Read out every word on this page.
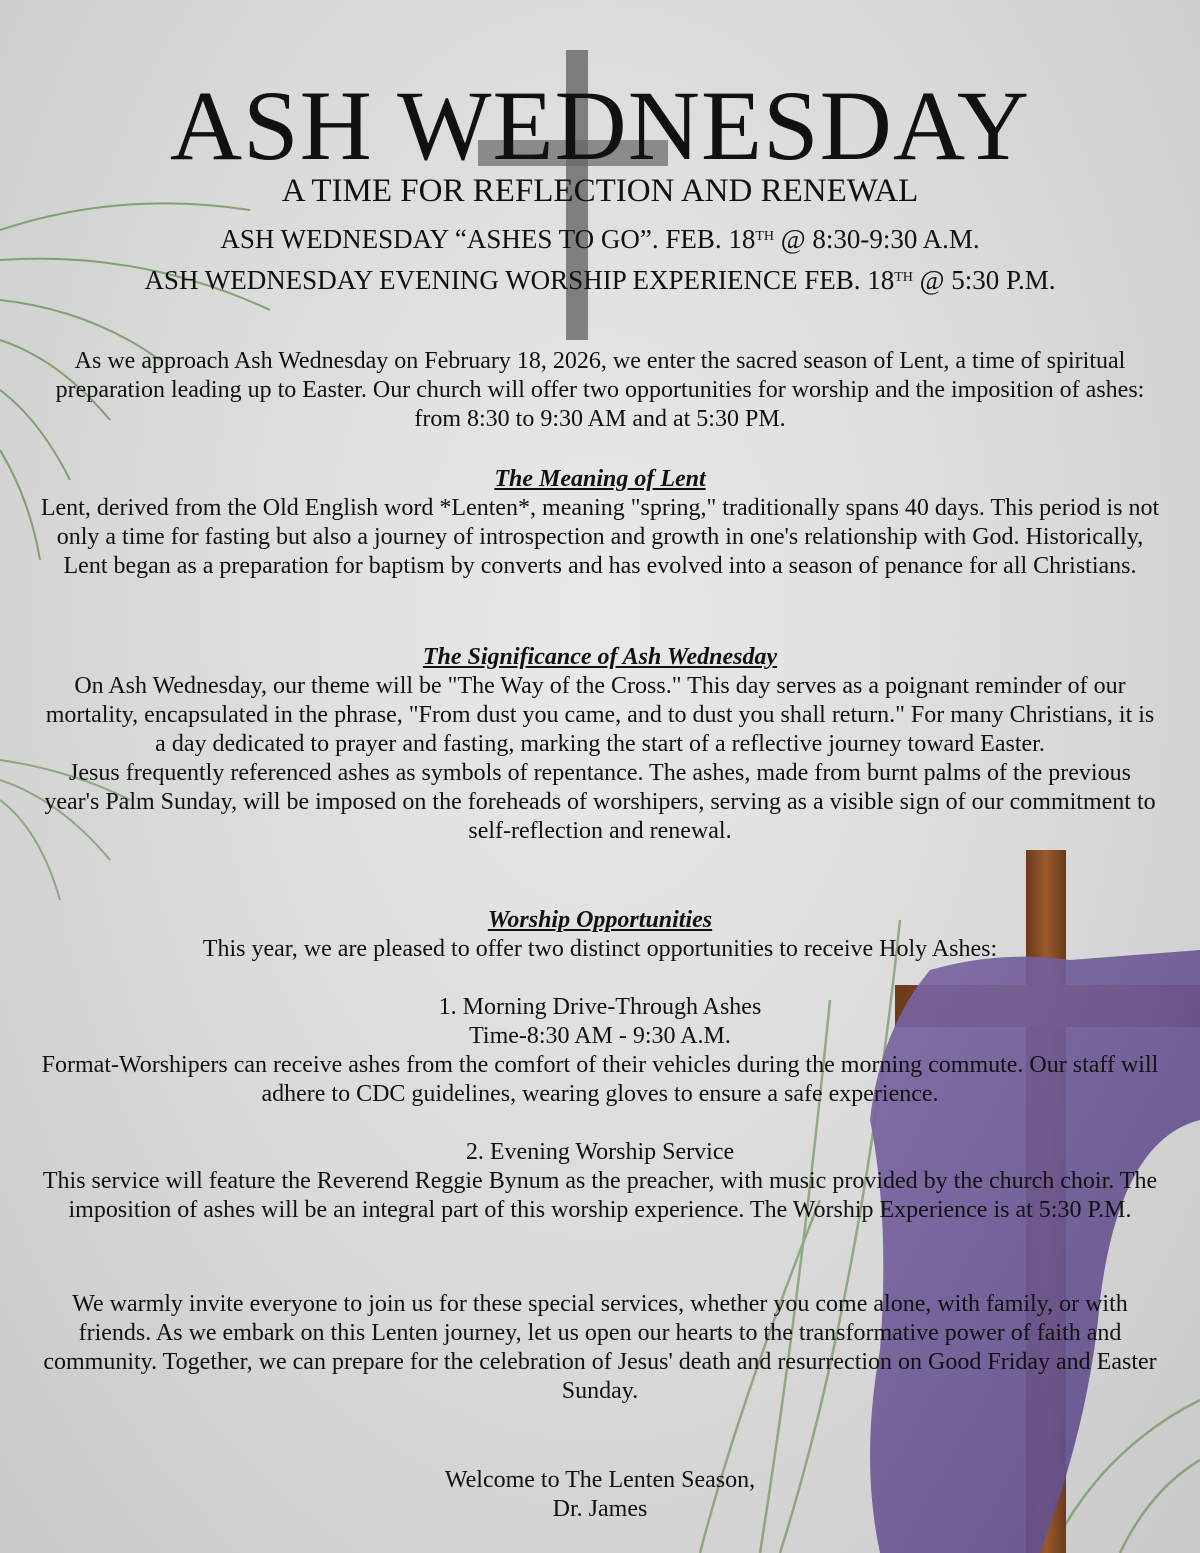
ASH WEDNESDAY
A TIME FOR REFLECTION AND RENEWAL
ASH WEDNESDAY “ASHES TO GO”. FEB. 18TH @ 8:30-9:30 A.M.
ASH WEDNESDAY EVENING WORSHIP EXPERIENCE FEB. 18TH @ 5:30 P.M.
As we approach Ash Wednesday on February 18, 2026, we enter the sacred season of Lent, a time of spiritual preparation leading up to Easter. Our church will offer two opportunities for worship and the imposition of ashes: from 8:30 to 9:30 AM and at 5:30 PM.
The Meaning of Lent
Lent, derived from the Old English word *Lenten*, meaning "spring," traditionally spans 40 days. This period is not only a time for fasting but also a journey of introspection and growth in one's relationship with God. Historically, Lent began as a preparation for baptism by converts and has evolved into a season of penance for all Christians.
The Significance of Ash Wednesday
On Ash Wednesday, our theme will be "The Way of the Cross." This day serves as a poignant reminder of our mortality, encapsulated in the phrase, "From dust you came, and to dust you shall return." For many Christians, it is a day dedicated to prayer and fasting, marking the start of a reflective journey toward Easter.
Jesus frequently referenced ashes as symbols of repentance. The ashes, made from burnt palms of the previous year's Palm Sunday, will be imposed on the foreheads of worshipers, serving as a visible sign of our commitment to self-reflection and renewal.
Worship Opportunities
This year, we are pleased to offer two distinct opportunities to receive Holy Ashes:
1. Morning Drive-Through Ashes
Time-8:30 AM - 9:30 A.M.
Format-Worshipers can receive ashes from the comfort of their vehicles during the morning commute. Our staff will adhere to CDC guidelines, wearing gloves to ensure a safe experience.
2. Evening Worship Service
This service will feature the Reverend Reggie Bynum as the preacher, with music provided by the church choir. The imposition of ashes will be an integral part of this worship experience. The Worship Experience is at 5:30 P.M.
We warmly invite everyone to join us for these special services, whether you come alone, with family, or with friends. As we embark on this Lenten journey, let us open our hearts to the transformative power of faith and community. Together, we can prepare for the celebration of Jesus' death and resurrection on Good Friday and Easter Sunday.
Welcome to The Lenten Season,
Dr. James
